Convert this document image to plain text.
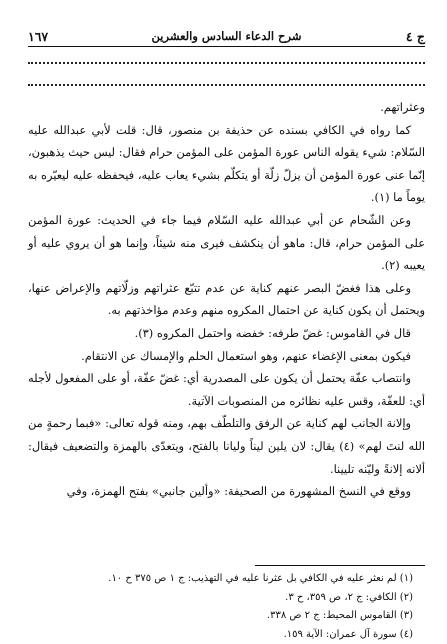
ج ٤
شرح الدعاء السادس والعشرين
١٦٧

وعثراتهم.

كما رواه في الكافي بسنده عن حذيفة بن منصور، قال: قلت لأبي عبدالله عليه السّلام: شيء يقوله الناس عورة المؤمن على المؤمن حرام فقال: ليس حيث يذهبون، إنّما عنى عورة المؤمن أن يزلّ زلّة أو يتكلّم بشيء يعاب عليه، فيحفظه عليه ليعيّره به يوماً ما (١).

وعن الشّحام عن أبي عبدالله عليه السّلام فيما جاء في الحديث: عورة المؤمن على المؤمن حرام، قال: ماهو أن ينكشف فيرى منه شيئاً، وإنما هو أن يروي عليه أو يعيبه (٢).

وعلى هذا فغضّ البصر عنهم كناية عن عدم تتبّع عثراتهم وزلّاتهم والإعراض عنها، ويحتمل أن يكون كناية عن احتمال المكروه منهم وعدم مؤاخذتهم به.

قال في القاموس: غضّ طرفه: خفضه واحتمل المكروه (٣).

فيكون بمعنى الإغضاء عنهم، وهو استعمال الحلم والإمساك عن الانتقام.

وانتصاب عفّة يحتمل أن يكون على المصدرية أي: غضّ عفّة، أو على المفعول لأجله أي: للعفّة، وقس عليه نظائره من المنصوبات الآتية.

وإلانة الجانب لهم كناية عن الرفق والتلطّف بهم، ومنه قوله تعالى: «فبما رحمةٍ من الله لنتَ لهم» (٤) يقال: لان يلين ليناً وليانا بالفتح، ويتعدّى بالهمزة والتضعيف فيقال: ألانه إلانةً وليّنه تليينا.

ووقع في النسخ المشهورة من الصحيفة: «وألين جانبي» بفتح الهمزة، وفي

(١) لم نعثر عليه في الكافي بل عثرنا عليه في التهذيب: ج ١ ص ٣٧٥ ح ١٠.
(٢) الكافي: ج ٢، ص ٣٥٩، ح ٣.
(٣) القاموس المحيط: ج ٢ ص ٣٣٨.
(٤) سورة آل عمران: الآية ١٥٩.
